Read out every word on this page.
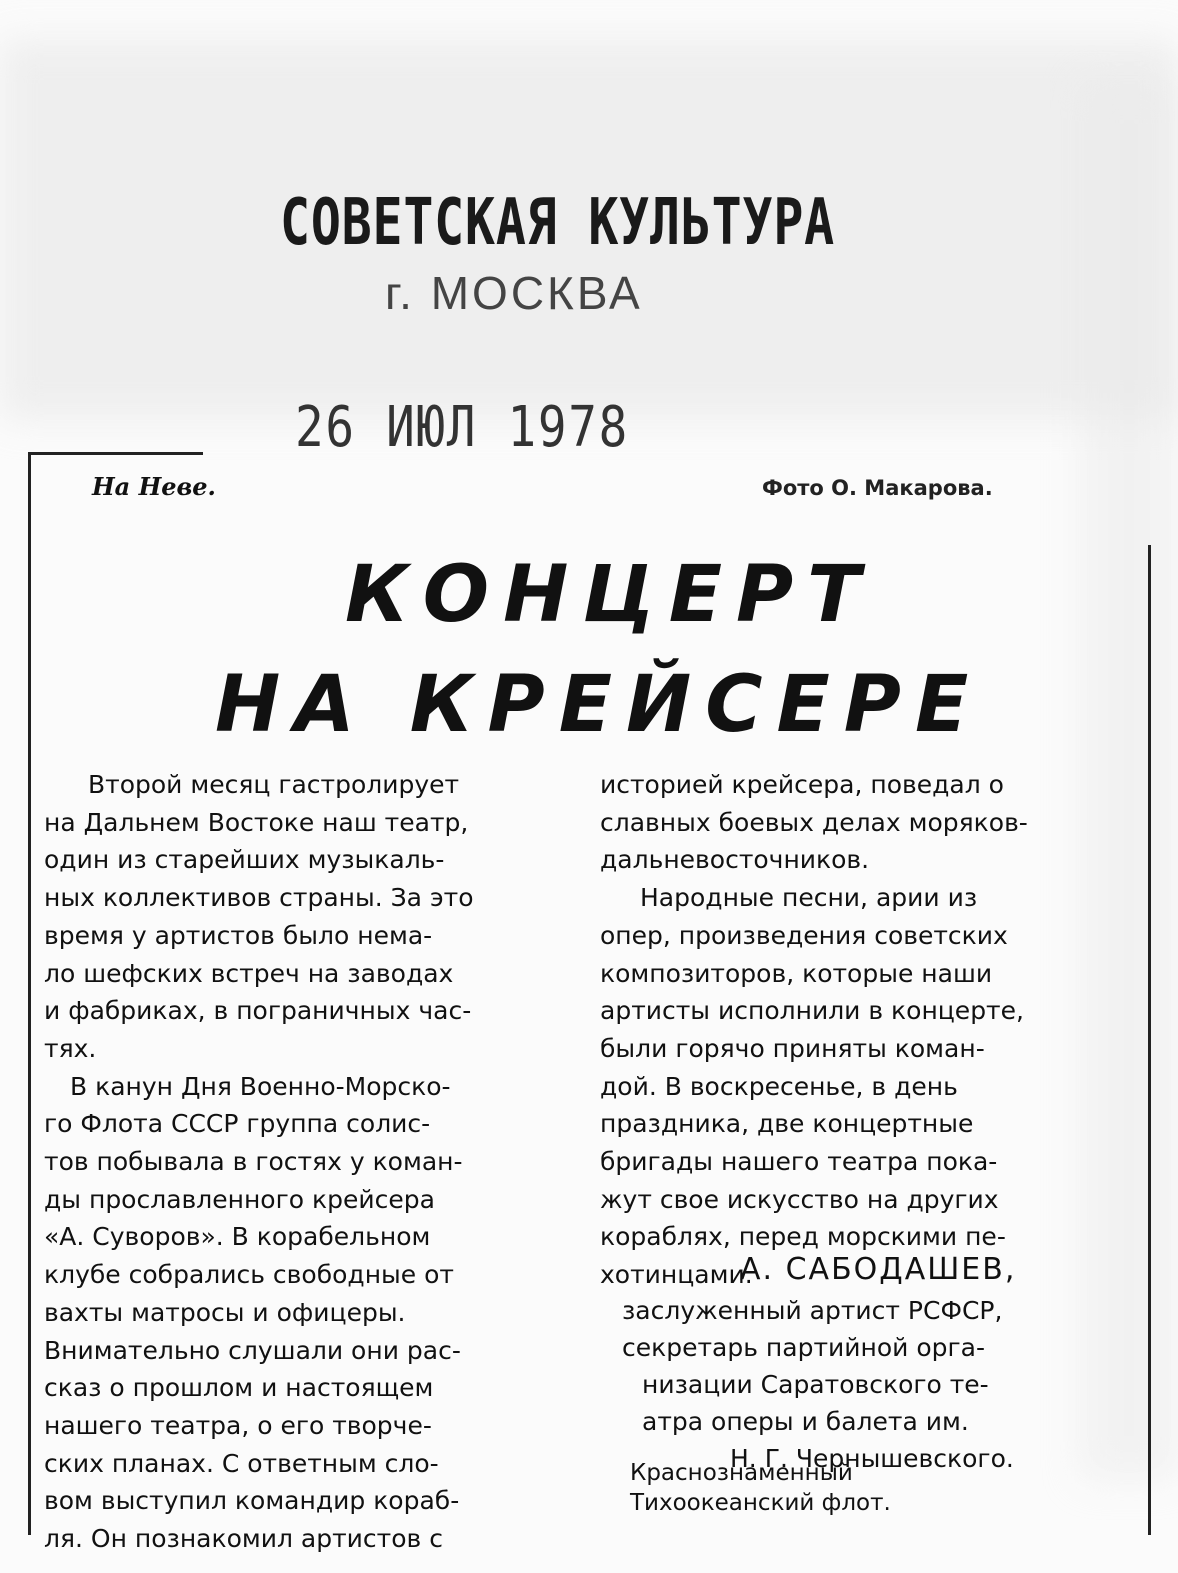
СОВЕТСКАЯ КУЛЬТУРА
г. МОСКВА
26 ИЮЛ 1978
На Неве.	Фото О. Макарова.
КОНЦЕРТ
НА КРЕЙСЕРЕ
Второй месяц гастролирует
на Дальнем Востоке наш театр,
один из старейших музыкаль-
ных коллективов страны. За это
время у артистов было нема-
ло шефских встреч на заводах
и фабриках, в пограничных час-
тях.
В канун Дня Военно-Морско-
го Флота СССР группа солис-
тов побывала в гостях у коман-
ды прославленного крейсера
«А. Суворов». В корабельном
клубе собрались свободные от
вахты матросы и офицеры.
Внимательно слушали они рас-
сказ о прошлом и настоящем
нашего театра, о его творче-
ских планах. С ответным сло-
вом выступил командир кораб-
ля. Он познакомил артистов с
историей крейсера, поведал о
славных боевых делах моряков-
дальневосточников.
Народные песни, арии из
опер, произведения советских
композиторов, которые наши
артисты исполнили в концерте,
были горячо приняты коман-
дой. В воскресенье, в день
праздника, две концертные
бригады нашего театра пока-
жут свое искусство на других
кораблях, перед морскими пе-
хотинцами.
А. САБОДАШЕВ,
заслуженный артист РСФСР,
секретарь партийной орга-
низации Саратовского те-
атра оперы и балета им.
Н. Г. Чернышевского.
Краснознаменный
Тихоокеанский флот.
